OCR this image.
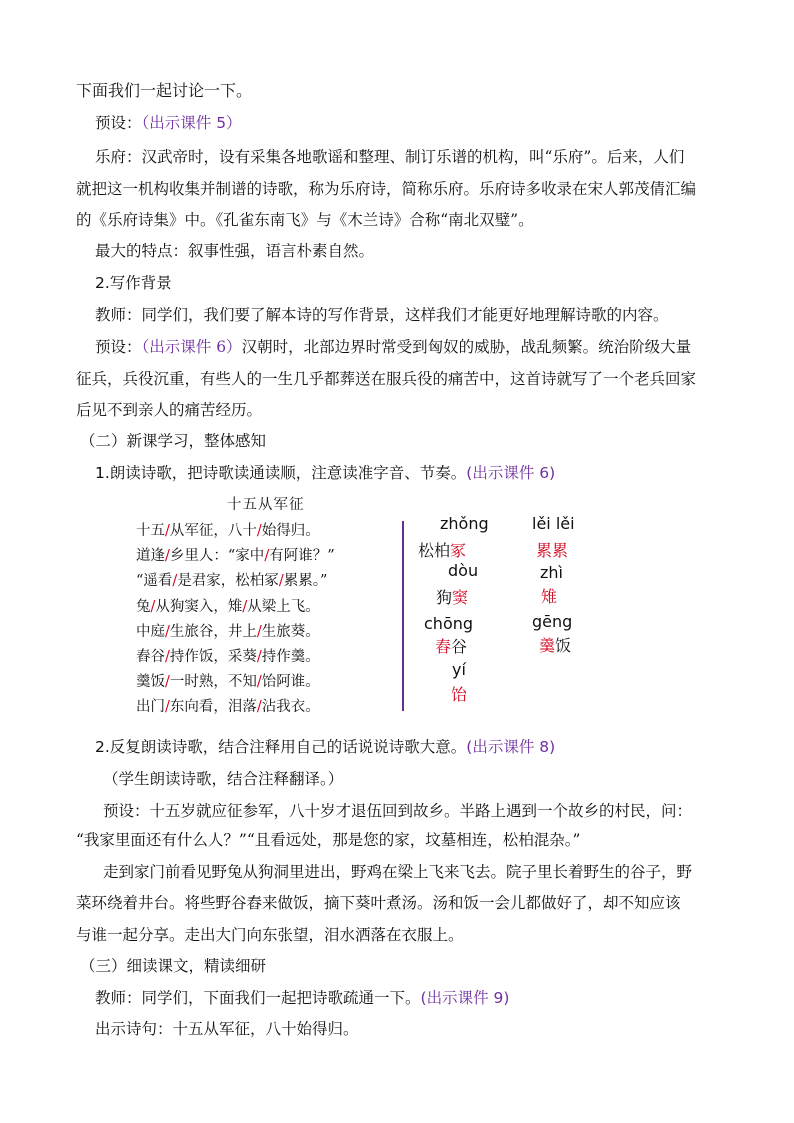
下面我们一起讨论一下。
预设：（出示课件 5）
乐府：汉武帝时，设有采集各地歌谣和整理、制订乐谱的机构，叫“乐府”。后来，人们
就把这一机构收集并制谱的诗歌，称为乐府诗，简称乐府。乐府诗多收录在宋人郭茂倩汇编
的《乐府诗集》中。《孔雀东南飞》与《木兰诗》合称“南北双璧”。
最大的特点：叙事性强，语言朴素自然。
2.写作背景
教师：同学们，我们要了解本诗的写作背景，这样我们才能更好地理解诗歌的内容。
预设：（出示课件 6）汉朝时，北部边界时常受到匈奴的威胁，战乱频繁。统治阶级大量
征兵，兵役沉重，有些人的一生几乎都葬送在服兵役的痛苦中，这首诗就写了一个老兵回家
后见不到亲人的痛苦经历。
（二）新课学习，整体感知
1.朗读诗歌，把诗歌读通读顺，注意读准字音、节奏。(出示课件 6)
十五从军征
十五/从军征，八十/始得归。
道逢/乡里人：“家中/有阿谁？”
“遥看/是君家，松柏冢/累累。”
兔/从狗窦入，雉/从梁上飞。
中庭/生旅谷，井上/生旅葵。
舂谷/持作饭，采葵/持作羹。
羹饭/一时熟，不知/饴阿谁。
出门/东向看，泪落/沾我衣。
zhǒng
松柏冢
lěi lěi
累累
dòu
狗窦
zhì
雉
chōng
舂谷
gēng
羹饭
yí
饴
2.反复朗读诗歌，结合注释用自己的话说说诗歌大意。(出示课件 8)
（学生朗读诗歌，结合注释翻译。）
预设：十五岁就应征参军，八十岁才退伍回到故乡。半路上遇到一个故乡的村民，问：
“我家里面还有什么人？”“且看远处，那是您的家，坟墓相连，松柏混杂。”
走到家门前看见野兔从狗洞里进出，野鸡在梁上飞来飞去。院子里长着野生的谷子，野
菜环绕着井台。将些野谷舂来做饭，摘下葵叶煮汤。汤和饭一会儿都做好了，却不知应该
与谁一起分享。走出大门向东张望，泪水洒落在衣服上。
（三）细读课文，精读细研
教师：同学们，下面我们一起把诗歌疏通一下。(出示课件 9)
出示诗句：十五从军征，八十始得归。
